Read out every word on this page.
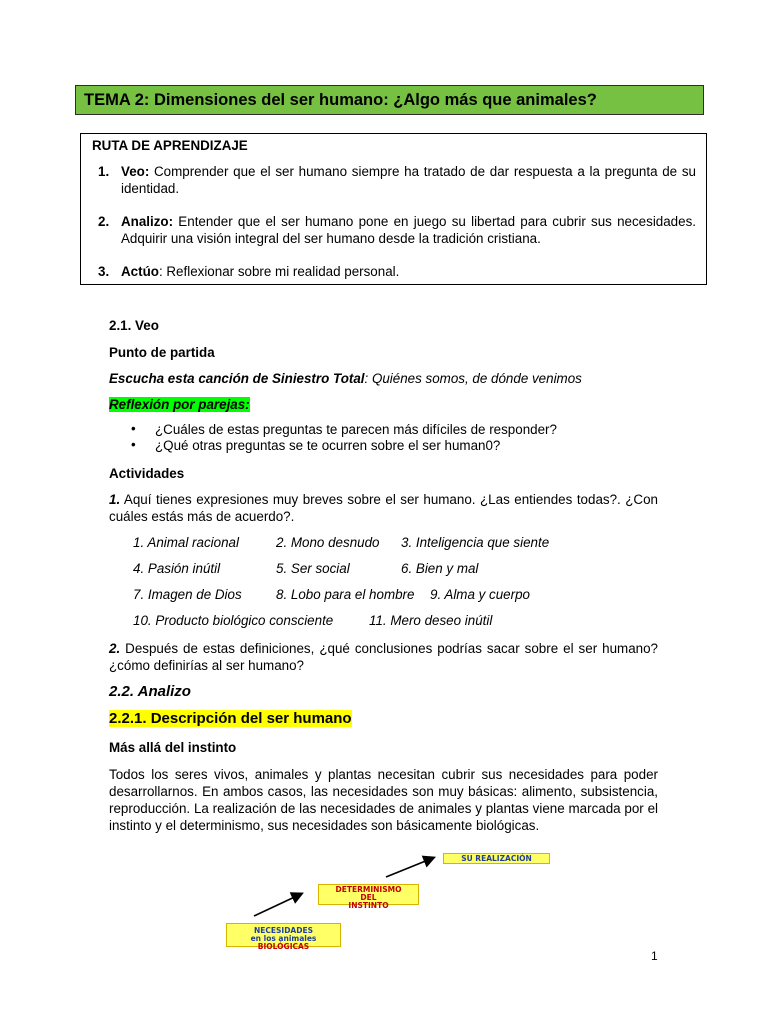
TEMA 2: Dimensiones del ser humano: ¿Algo más que animales?
RUTA DE APRENDIZAJE
1. Veo: Comprender que el ser humano siempre ha tratado de dar respuesta a la pregunta de su identidad.
2. Analizo: Entender que el ser humano pone en juego su libertad para cubrir sus necesidades. Adquirir una visión integral del ser humano desde la tradición cristiana.
3. Actúo: Reflexionar sobre mi realidad personal.
2.1. Veo
Punto de partida
Escucha esta canción de Siniestro Total: Quiénes somos, de dónde venimos
Reflexión por parejas:
• ¿Cuáles de estas preguntas te parecen más difíciles de responder?
• ¿Qué otras preguntas se te ocurren sobre el ser human0?
Actividades
1. Aquí tienes expresiones muy breves sobre el ser humano. ¿Las entiendes todas?. ¿Con cuáles estás más de acuerdo?.
1. Animal racional	2. Mono desnudo 3. Inteligencia que siente
4. Pasión inútil	5. Ser social	6. Bien y mal
7. Imagen de Dios	8. Lobo para el hombre 9. Alma y cuerpo
10. Producto biológico consciente	11. Mero deseo inútil
2. Después de estas definiciones, ¿qué conclusiones podrías sacar sobre el ser humano? ¿cómo definirías al ser humano?
2.2. Analizo
2.2.1. Descripción del ser humano
Más allá del instinto
Todos los seres vivos, animales y plantas necesitan cubrir sus necesidades para poder desarrollarnos. En ambos casos, las necesidades son muy básicas: alimento, subsistencia, reproducción. La realización de las necesidades de animales y plantas viene marcada por el instinto y el determinismo, sus necesidades son básicamente biológicas.
NECESIDADES
en los animales
BIOLÓGICAS
DETERMINISMO
DEL
INSTINTO
SU REALIZACIÓN
1
